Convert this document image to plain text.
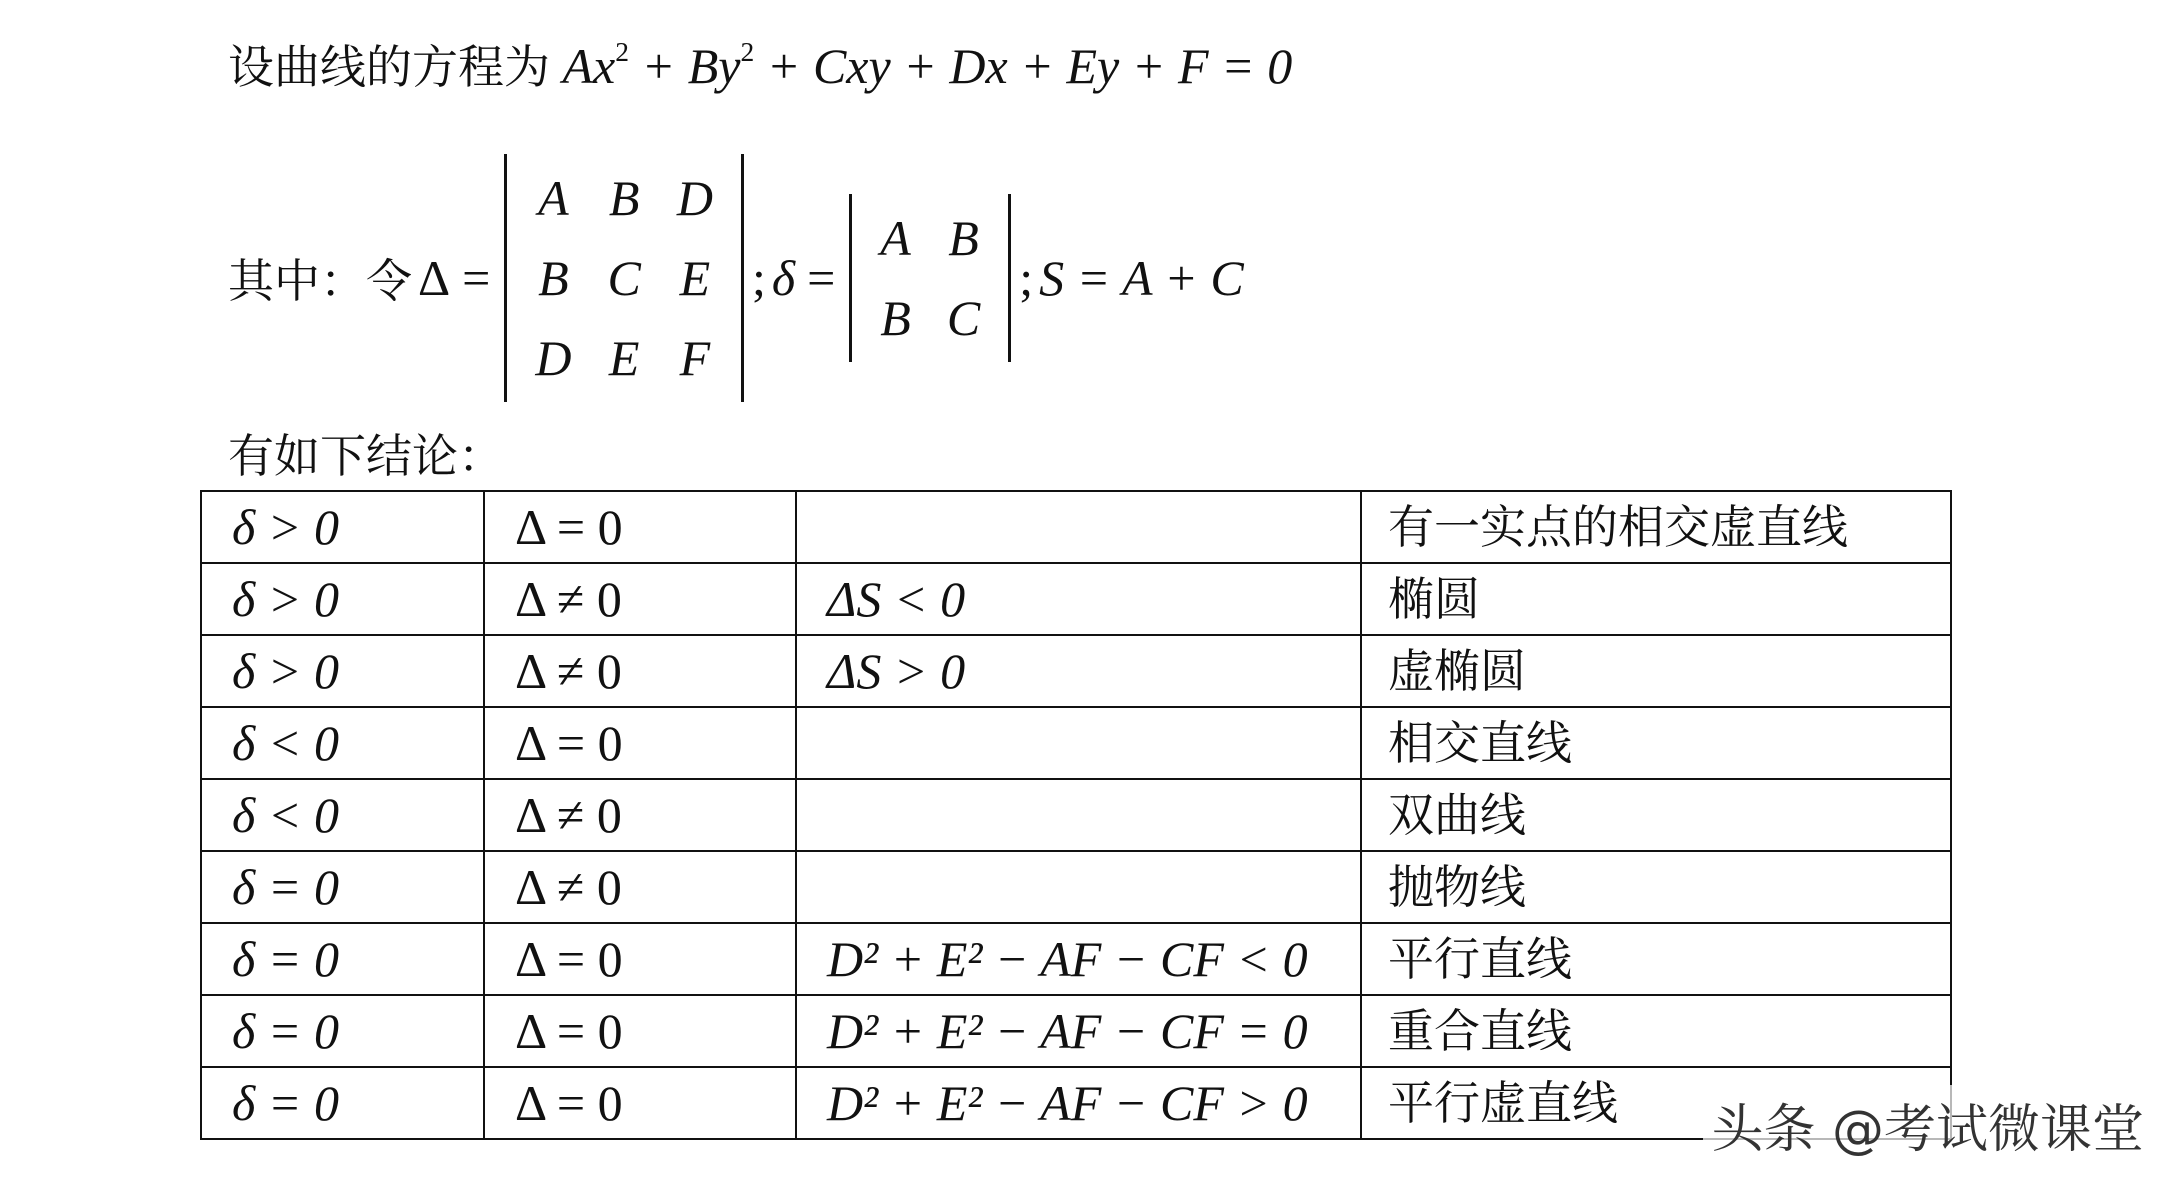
设曲线的方程为 $Ax^2 + By^2$ + Cxy + Dx + Ey + F = 0
其中：令 Δ =
A	B	D
B	C	E
D	E	F
; δ =
A	B
B	C
; S = A + C
有如下结论：
δ > 0	Δ = 0		有一实点的相交虚直线
δ > 0	Δ ≠ 0	ΔS < 0	椭圆
δ > 0	Δ ≠ 0	ΔS > 0	虚椭圆
δ < 0	Δ = 0		相交直线
δ < 0	Δ ≠ 0		双曲线
δ = 0	Δ ≠ 0		抛物线
δ = 0	Δ = 0	D² + E² − AF − CF < 0	平行直线
δ = 0	Δ = 0	D² + E² − AF − CF = 0	重合直线
δ = 0	Δ = 0	D² + E² − AF − CF > 0	平行虚直线 头条 @考试微课堂
